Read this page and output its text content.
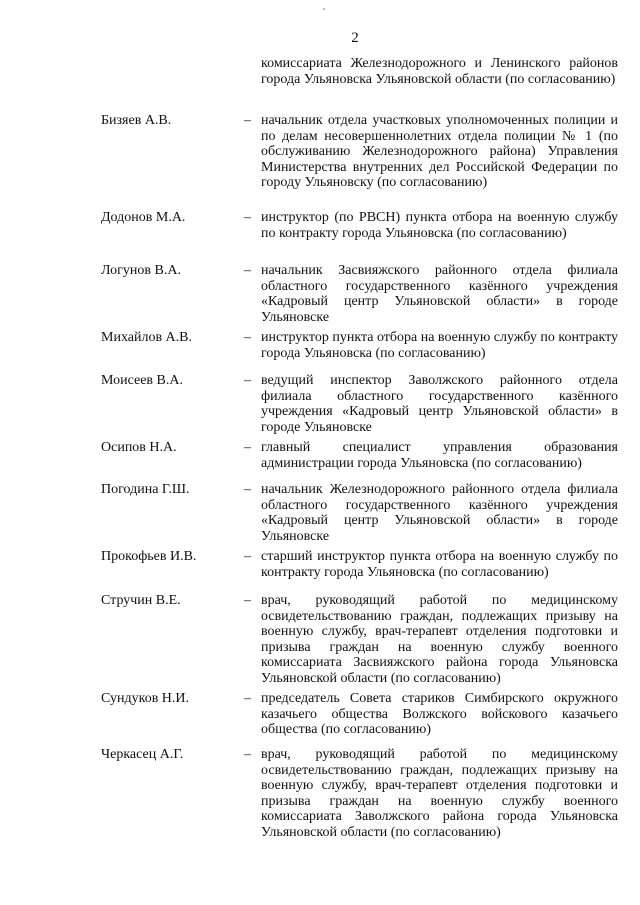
2
комиссариата Железнодорожного и Ленинского районов города Ульяновска Ульяновской области (по согласованию)
Бизяев А.В.	– начальник отдела участковых уполномоченных полиции и по делам несовершеннолетних отдела полиции № 1 (по обслуживанию Железнодорожного района) Управления Министерства внутренних дел Российской Федерации по городу Ульяновску (по согласованию)
Додонов М.А.	– инструктор (по РВСН) пункта отбора на военную службу по контракту города Ульяновска (по согласованию)
Логунов В.А.	– начальник Засвияжского районного отдела филиала областного государственного казённого учреждения «Кадровый центр Ульяновской области» в городе Ульяновске
Михайлов А.В.	– инструктор пункта отбора на военную службу по контракту города Ульяновска (по согласованию)
Моисеев В.А.	– ведущий инспектор Заволжского районного отдела филиала областного государственного казённого учреждения «Кадровый центр Ульяновской области» в городе Ульяновске
Осипов Н.А.	– главный специалист управления образования администрации города Ульяновска (по согласованию)
Погодина Г.Ш.	– начальник Железнодорожного районного отдела филиала областного государственного казённого учреждения «Кадровый центр Ульяновской области» в городе Ульяновске
Прокофьев И.В.	– старший инструктор пункта отбора на военную службу по контракту города Ульяновска (по согласованию)
Стручин В.Е.	– врач, руководящий работой по медицинскому освидетельствованию граждан, подлежащих призыву на военную службу, врач-терапевт отделения подготовки и призыва граждан на военную службу военного комиссариата Засвияжского района города Ульяновска Ульяновской области (по согласованию)
Сундуков Н.И.	– председатель Совета стариков Симбирского окружного казачьего общества Волжского войскового казачьего общества (по согласованию)
Черкасец А.Г.	– врач, руководящий работой по медицинскому освидетельствованию граждан, подлежащих призыву на военную службу, врач-терапевт отделения подготовки и призыва граждан на военную службу военного комиссариата Заволжского района города Ульяновска Ульяновской области (по согласованию)
